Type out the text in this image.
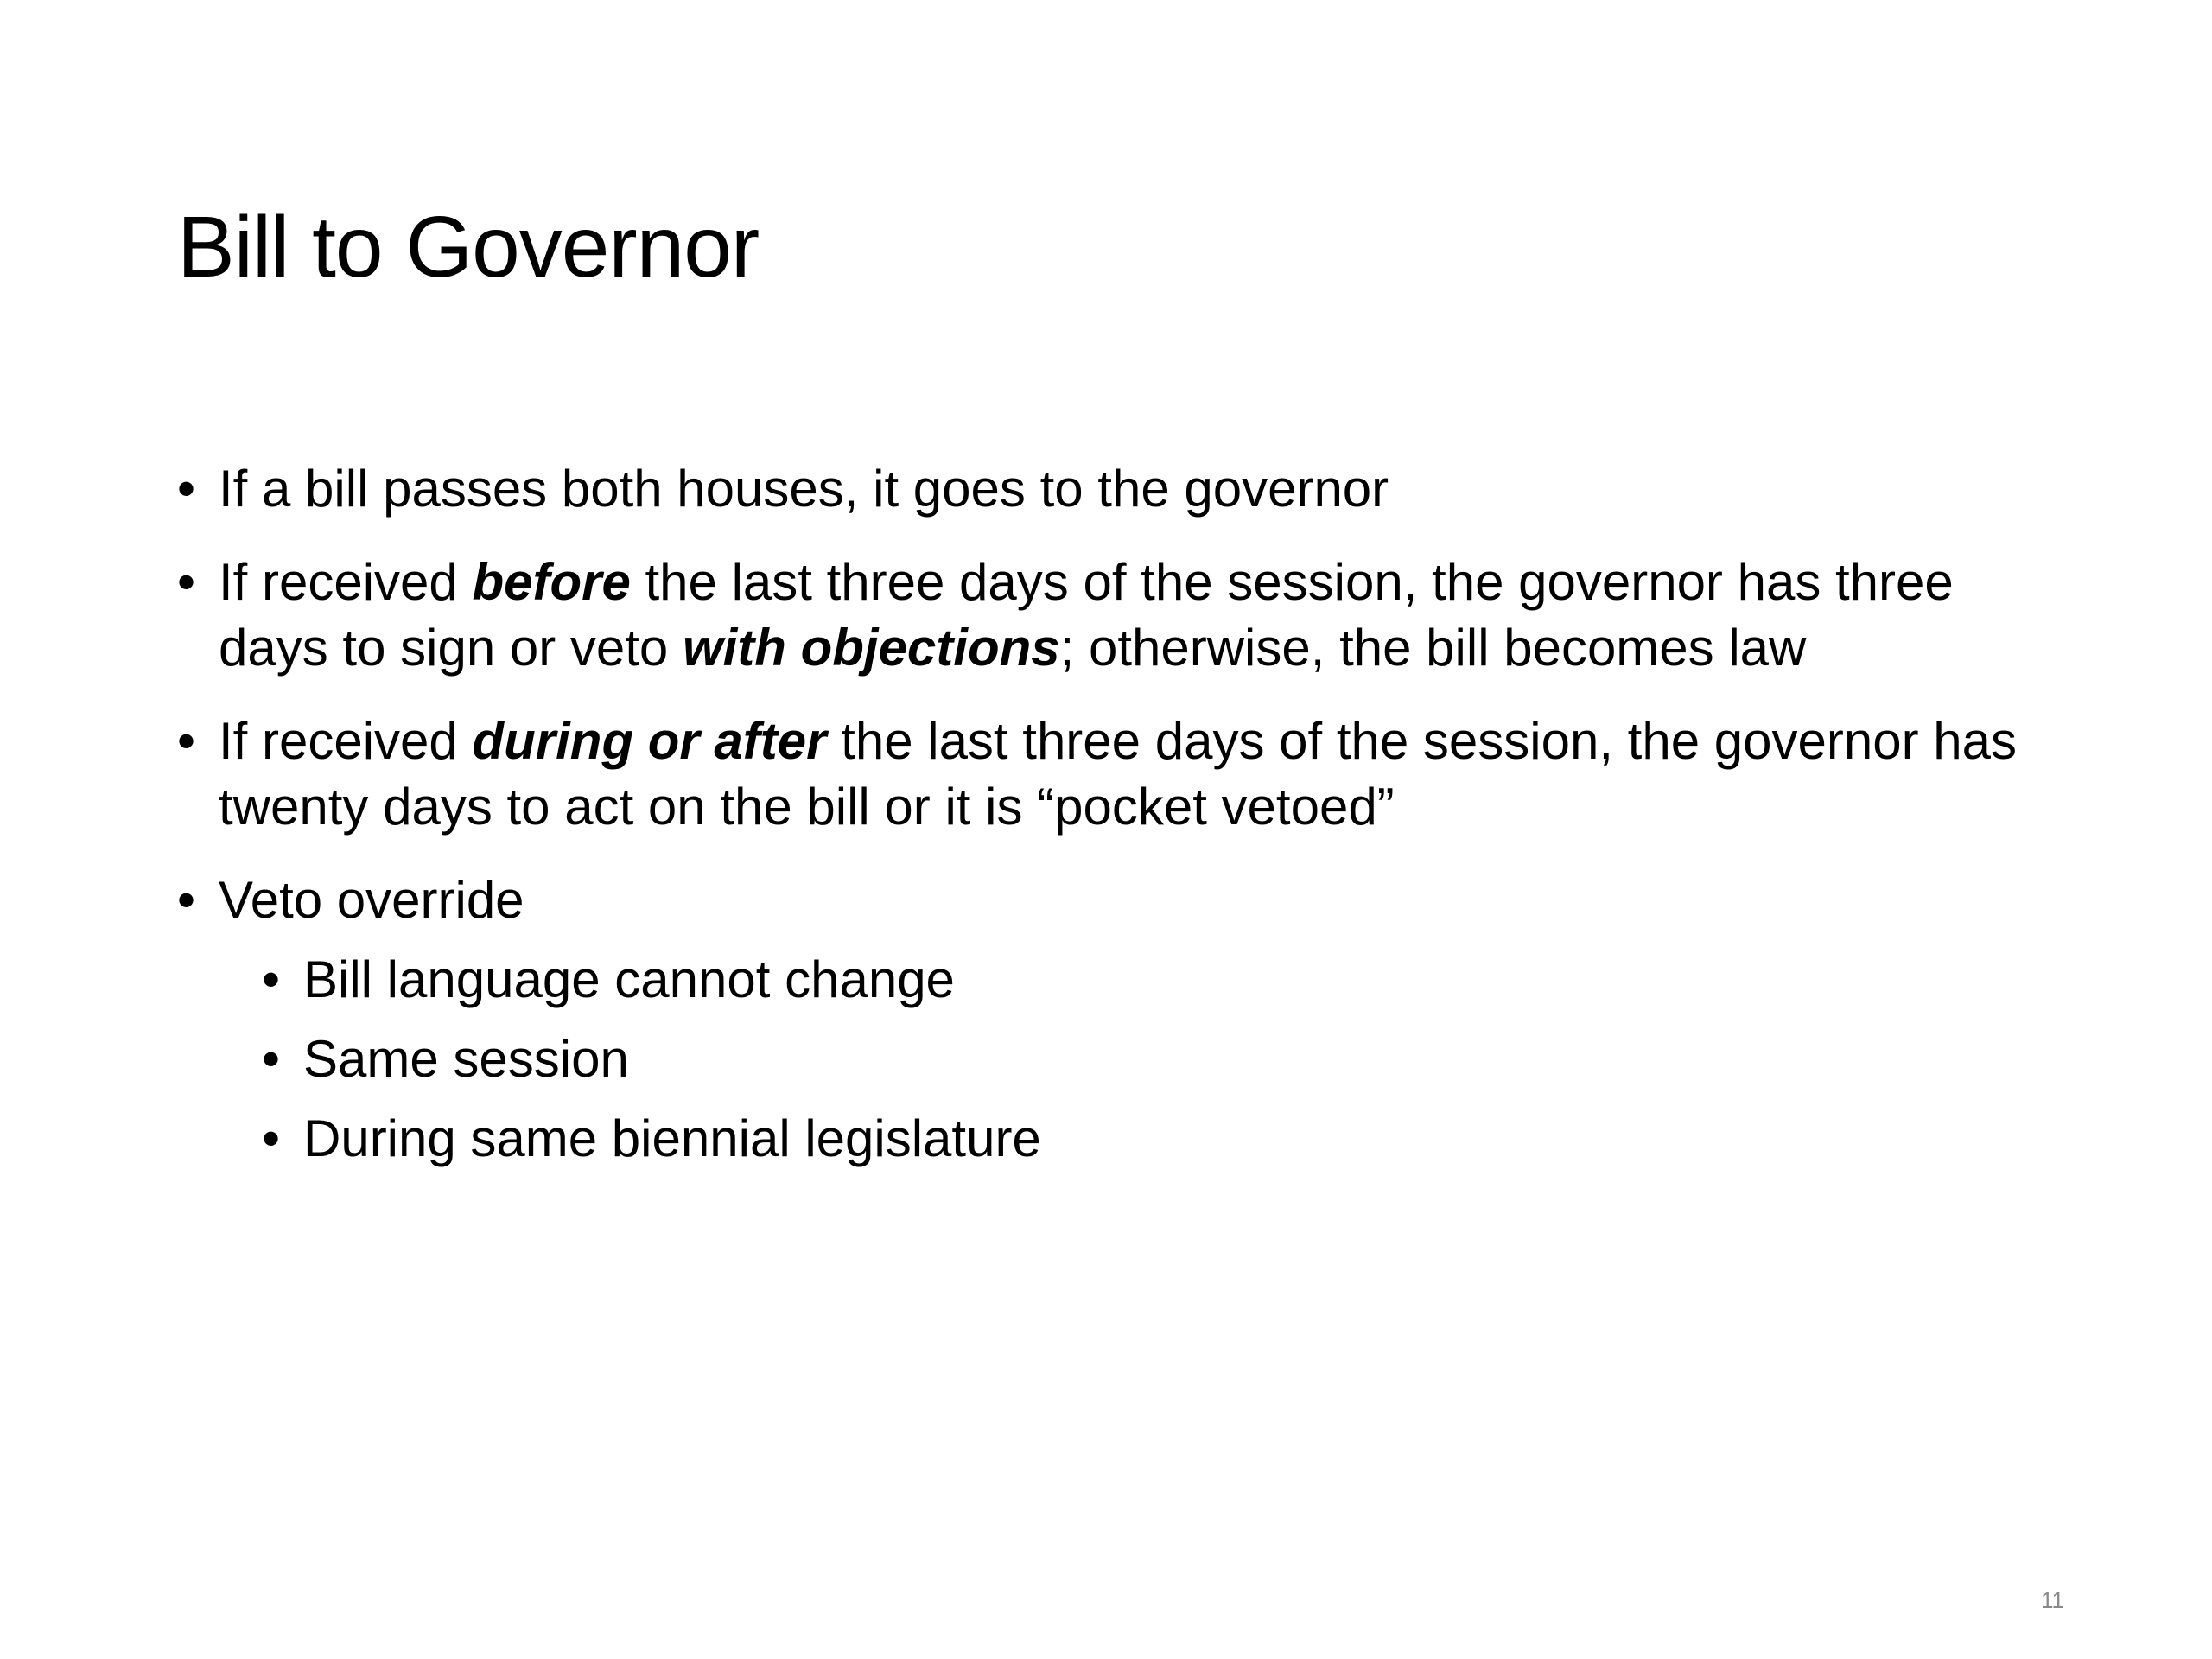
Bill to Governor
• If a bill passes both houses, it goes to the governor
• If received before the last three days of the session, the governor has three days to sign or veto with objections; otherwise, the bill becomes law
• If received during or after the last three days of the session, the governor has twenty days to act on the bill or it is “pocket vetoed”
• Veto override
• Bill language cannot change
• Same session
• During same biennial legislature
11
